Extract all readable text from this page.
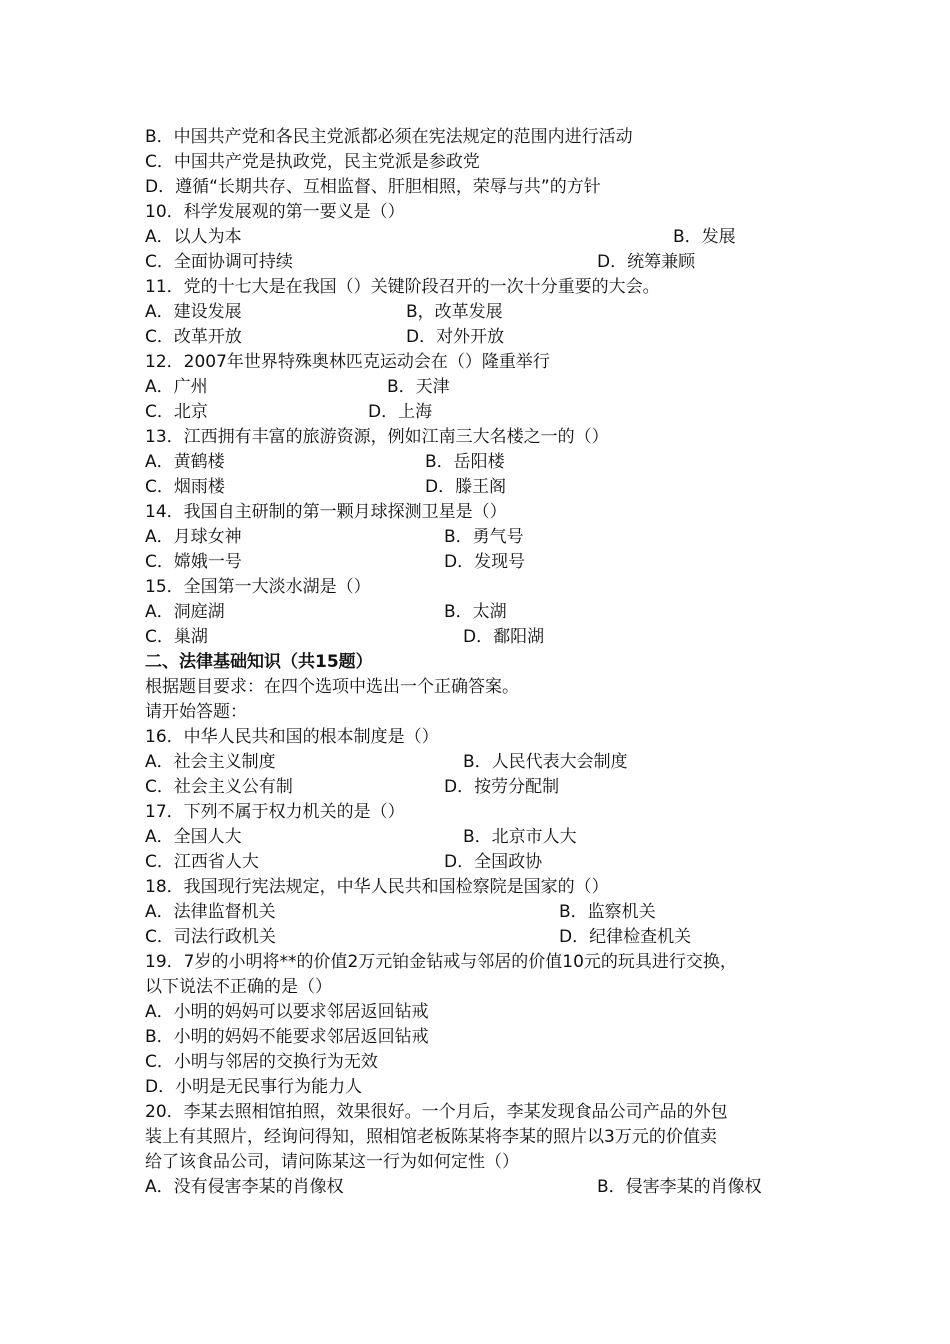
B．中国共产党和各民主党派都必须在宪法规定的范围内进行活动
C．中国共产党是执政党，民主党派是参政党
D．遵循“长期共存、互相监督、肝胆相照，荣辱与共”的方针
10．科学发展观的第一要义是（）
A．以人为本	B．发展
C．全面协调可持续	D．统筹兼顾
11．党的十七大是在我国（）关键阶段召开的一次十分重要的大会。
A．建设发展	B，改革发展
C．改革开放	D．对外开放
12．2007年世界特殊奥林匹克运动会在（）隆重举行
A．广州	B．天津
C．北京	D．上海
13．江西拥有丰富的旅游资源，例如江南三大名楼之一的（）
A．黄鹤楼	B．岳阳楼
C．烟雨楼	D．滕王阁
14．我国自主研制的第一颗月球探测卫星是（）
A．月球女神	B．勇气号
C．嫦娥一号	D．发现号
15．全国第一大淡水湖是（）
A．洞庭湖	B．太湖
C．巢湖	D．鄱阳湖
二、法律基础知识（共15题）
根据题目要求：在四个选项中选出一个正确答案。
请开始答题：
16．中华人民共和国的根本制度是（）
A．社会主义制度	B．人民代表大会制度
C．社会主义公有制	D．按劳分配制
17．下列不属于权力机关的是（）
A．全国人大	B．北京市人大
C．江西省人大	D．全国政协
18．我国现行宪法规定，中华人民共和国检察院是国家的（）
A．法律监督机关	B．监察机关
C．司法行政机关	D．纪律检查机关
19．7岁的小明将**的价值2万元铂金钻戒与邻居的价值10元的玩具进行交换，
以下说法不正确的是（）
A．小明的妈妈可以要求邻居返回钻戒
B．小明的妈妈不能要求邻居返回钻戒
C．小明与邻居的交换行为无效
D．小明是无民事行为能力人
20．李某去照相馆拍照，效果很好。一个月后，李某发现食品公司产品的外包
装上有其照片，经询问得知，照相馆老板陈某将李某的照片以3万元的价值卖
给了该食品公司，请问陈某这一行为如何定性（）
A．没有侵害李某的肖像权	B．侵害李某的肖像权
